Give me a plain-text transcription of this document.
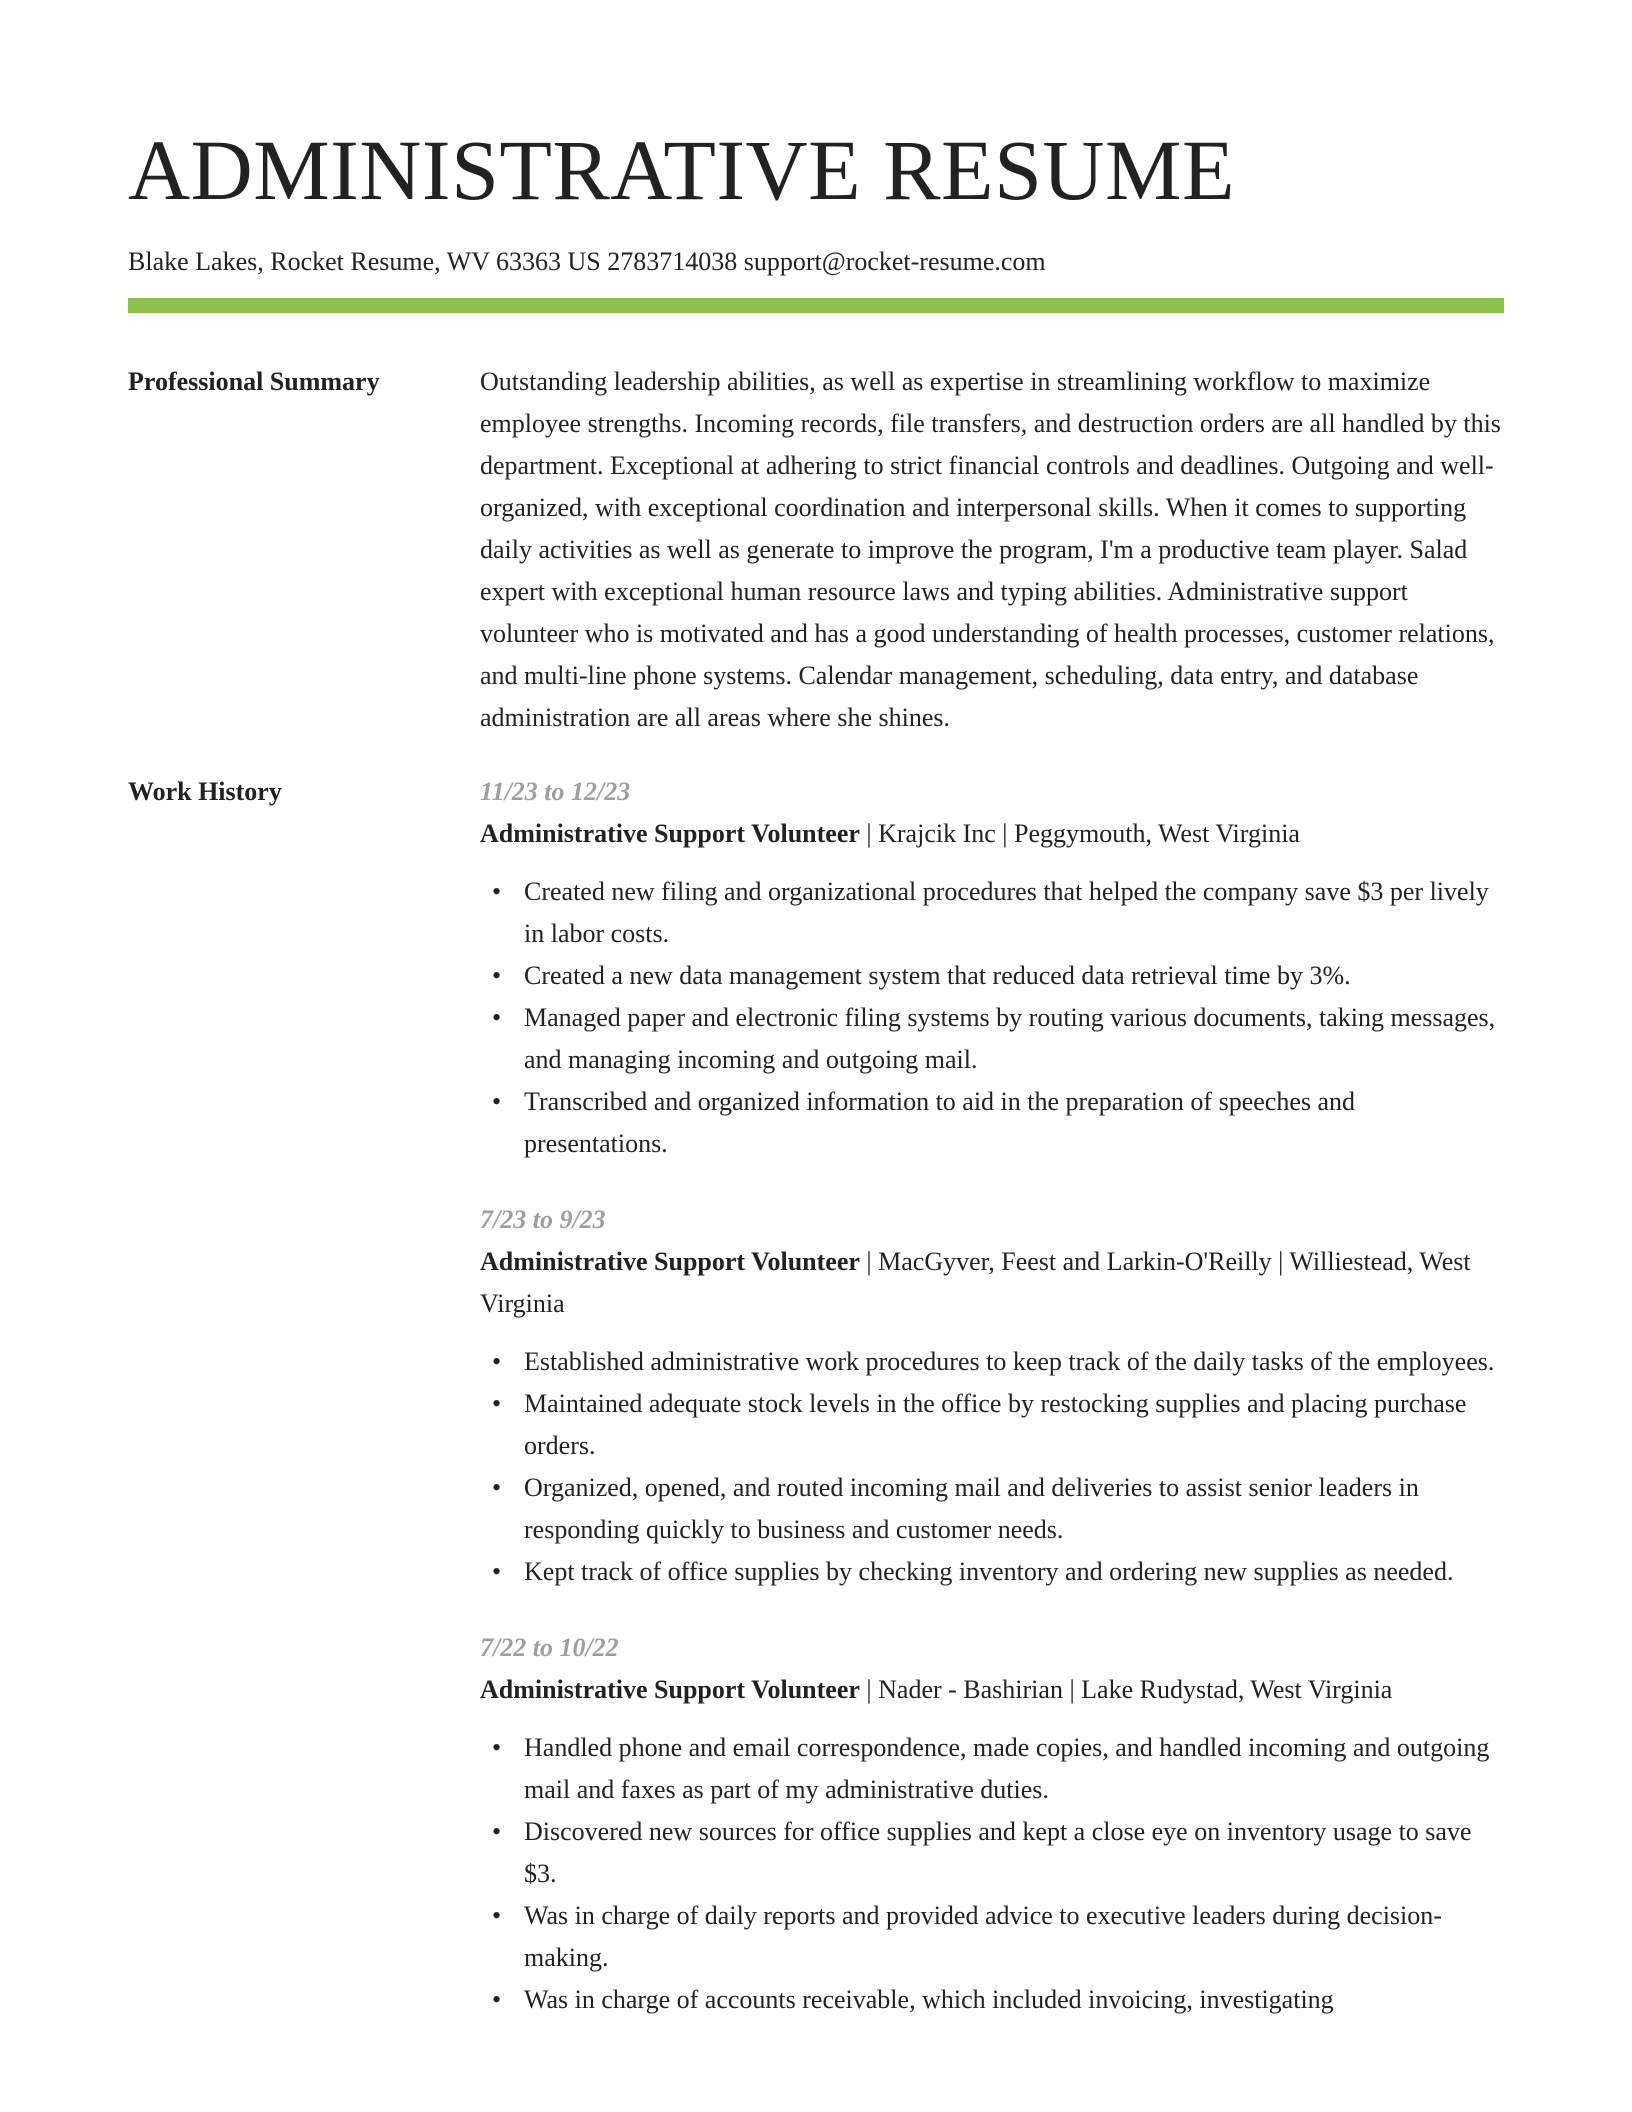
ADMINISTRATIVE RESUME
Blake Lakes, Rocket Resume, WV 63363 US 2783714038 support@rocket-resume.com
Professional Summary	Outstanding leadership abilities, as well as expertise in streamlining workflow to maximize employee strengths. Incoming records, file transfers, and destruction orders are all handled by this department. Exceptional at adhering to strict financial controls and deadlines. Outgoing and well-organized, with exceptional coordination and interpersonal skills. When it comes to supporting daily activities as well as generate to improve the program, I'm a productive team player. Salad expert with exceptional human resource laws and typing abilities. Administrative support volunteer who is motivated and has a good understanding of health processes, customer relations, and multi-line phone systems. Calendar management, scheduling, data entry, and database administration are all areas where she shines.

Work History	11/23 to 12/23
Administrative Support Volunteer | Krajcik Inc | Peggymouth, West Virginia
• Created new filing and organizational procedures that helped the company save $3 per lively in labor costs.
• Created a new data management system that reduced data retrieval time by 3%.
• Managed paper and electronic filing systems by routing various documents, taking messages, and managing incoming and outgoing mail.
• Transcribed and organized information to aid in the preparation of speeches and presentations.
7/23 to 9/23
Administrative Support Volunteer | MacGyver, Feest and Larkin-O'Reilly | Williestead, West Virginia
• Established administrative work procedures to keep track of the daily tasks of the employees.
• Maintained adequate stock levels in the office by restocking supplies and placing purchase orders.
• Organized, opened, and routed incoming mail and deliveries to assist senior leaders in responding quickly to business and customer needs.
• Kept track of office supplies by checking inventory and ordering new supplies as needed.
7/22 to 10/22
Administrative Support Volunteer | Nader - Bashirian | Lake Rudystad, West Virginia
• Handled phone and email correspondence, made copies, and handled incoming and outgoing mail and faxes as part of my administrative duties.
• Discovered new sources for office supplies and kept a close eye on inventory usage to save $3.
• Was in charge of daily reports and provided advice to executive leaders during decision-making.
• Was in charge of accounts receivable, which included invoicing, investigating
